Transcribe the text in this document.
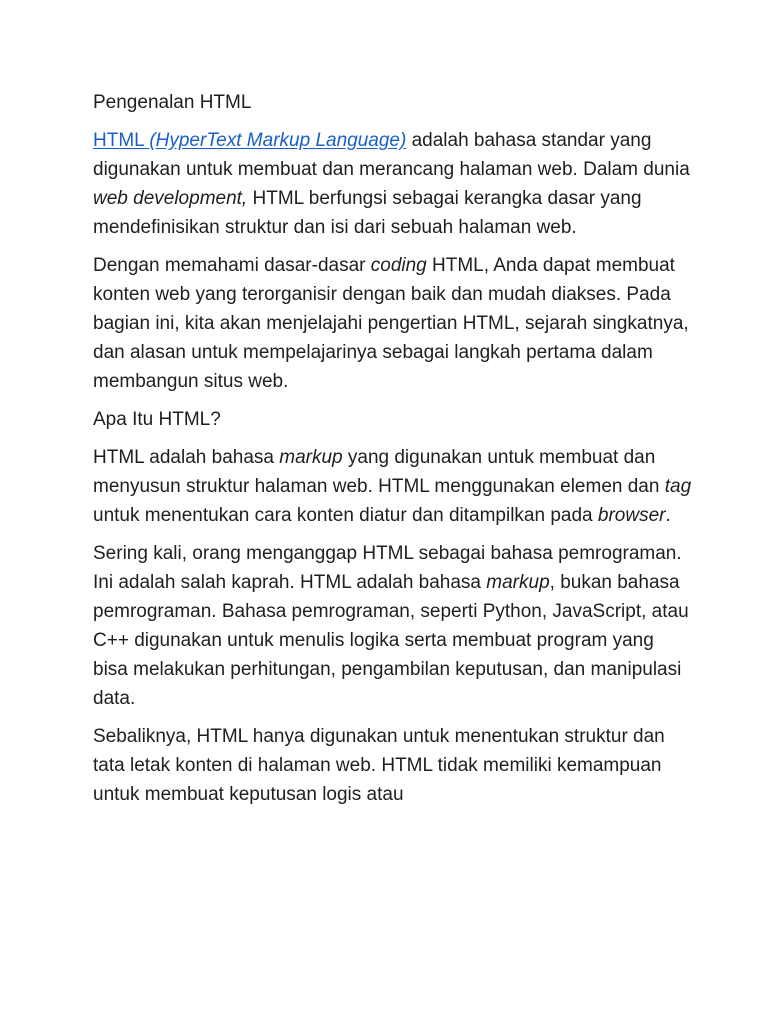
Pengenalan HTML

HTML (HyperText Markup Language) adalah bahasa standar yang digunakan untuk membuat dan merancang halaman web. Dalam dunia web development, HTML berfungsi sebagai kerangka dasar yang mendefinisikan struktur dan isi dari sebuah halaman web.

Dengan memahami dasar-dasar coding HTML, Anda dapat membuat konten web yang terorganisir dengan baik dan mudah diakses. Pada bagian ini, kita akan menjelajahi pengertian HTML, sejarah singkatnya, dan alasan untuk mempelajarinya sebagai langkah pertama dalam membangun situs web.

Apa Itu HTML?

HTML adalah bahasa markup yang digunakan untuk membuat dan menyusun struktur halaman web. HTML menggunakan elemen dan tag untuk menentukan cara konten diatur dan ditampilkan pada browser.

Sering kali, orang menganggap HTML sebagai bahasa pemrograman. Ini adalah salah kaprah. HTML adalah bahasa markup, bukan bahasa pemrograman. Bahasa pemrograman, seperti Python, JavaScript, atau C++ digunakan untuk menulis logika serta membuat program yang bisa melakukan perhitungan, pengambilan keputusan, dan manipulasi data.

Sebaliknya, HTML hanya digunakan untuk menentukan struktur dan tata letak konten di halaman web. HTML tidak memiliki kemampuan untuk membuat keputusan logis atau
